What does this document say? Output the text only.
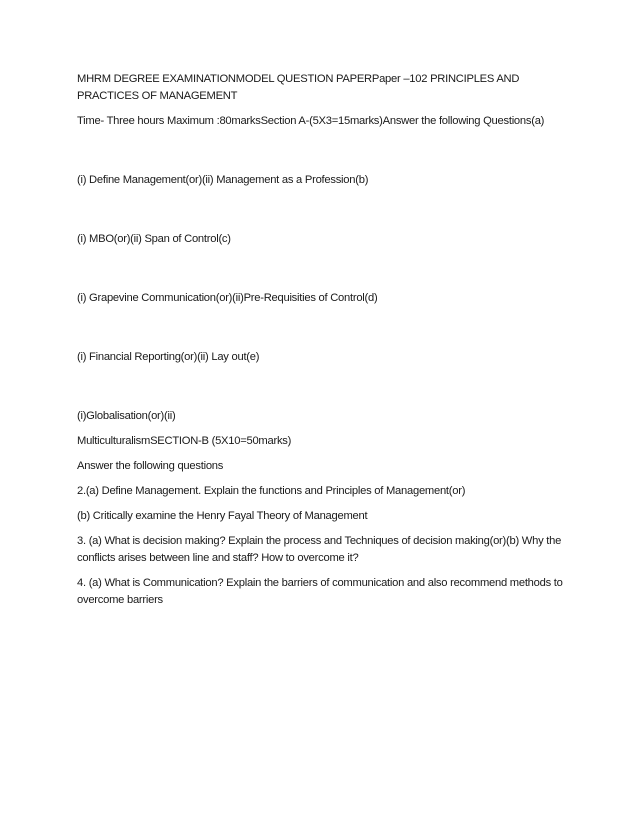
MHRM DEGREE EXAMINATIONMODEL QUESTION PAPERPaper –102 PRINCIPLES AND PRACTICES OF MANAGEMENT

Time- Three hours Maximum :80marksSection A-(5X3=15marks)Answer the following Questions(a)

(i) Define Management(or)(ii) Management as a Profession(b)

(i) MBO(or)(ii) Span of Control(c)

(i) Grapevine Communication(or)(ii)Pre-Requisities of Control(d)

(i) Financial Reporting(or)(ii) Lay out(e)

(i)Globalisation(or)(ii)

MulticulturalismSECTION-B (5X10=50marks)

Answer the following questions

2.(a) Define Management. Explain the functions and Principles of Management(or)

(b) Critically examine the Henry Fayal Theory of Management

3. (a) What is decision making? Explain the process and Techniques of decision making(or)(b) Why the conflicts arises between line and staff? How to overcome it?

4. (a) What is Communication? Explain the barriers of communication and also recommend methods to overcome barriers
